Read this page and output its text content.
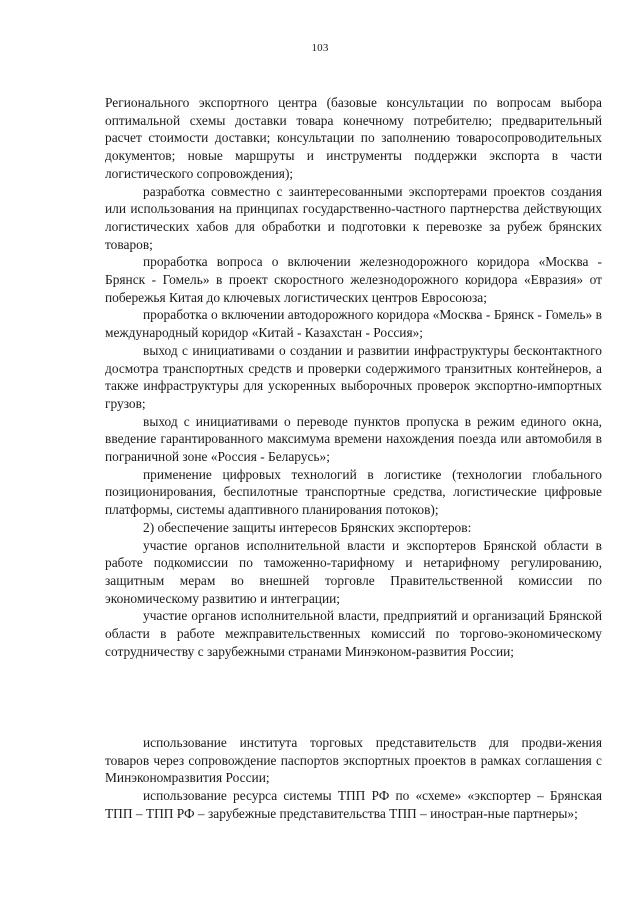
103

Регионального экспортного центра (базовые консультации по вопросам выбора оптимальной схемы доставки товара конечному потребителю; предварительный расчет стоимости доставки; консультации по заполнению товаросопроводительных документов; новые маршруты и инструменты поддержки экспорта в части логистического сопровождения);

разработка совместно с заинтересованными экспортерами проектов создания или использования на принципах государственно-частного партнерства действующих логистических хабов для обработки и подготовки к перевозке за рубеж брянских товаров;

проработка вопроса о включении железнодорожного коридора «Москва - Брянск - Гомель» в проект скоростного железнодорожного коридора «Евразия» от побережья Китая до ключевых логистических центров Евросоюза;

проработка о включении автодорожного коридора «Москва - Брянск - Гомель» в международный коридор «Китай - Казахстан - Россия»;

выход с инициативами о создании и развитии инфраструктуры бесконтактного досмотра транспортных средств и проверки содержимого транзитных контейнеров, а также инфраструктуры для ускоренных выборочных проверок экспортно-импортных грузов;

выход с инициативами о переводе пунктов пропуска в режим единого окна, введение гарантированного максимума времени нахождения поезда или автомобиля в пограничной зоне «Россия - Беларусь»;

применение цифровых технологий в логистике (технологии глобального позиционирования, беспилотные транспортные средства, логистические цифровые платформы, системы адаптивного планирования потоков);

2) обеспечение защиты интересов Брянских экспортеров:

участие органов исполнительной власти и экспортеров Брянской области в работе подкомиссии по таможенно-тарифному и нетарифному регулированию, защитным мерам во внешней торговле Правительственной комиссии по экономическому развитию и интеграции;

участие органов исполнительной власти, предприятий и организаций Брянской области в работе межправительственных комиссий по торгово-экономическому сотрудничеству с зарубежными странами Минэконом-развития России;

использование института торговых представительств для продви-жения товаров через сопровождение паспортов экспортных проектов в рамках соглашения с Минэкономразвития России;

использование ресурса системы ТПП РФ по «схеме» «экспортер – Брянская ТПП – ТПП РФ – зарубежные представительства ТПП – иностран-ные партнеры»;
